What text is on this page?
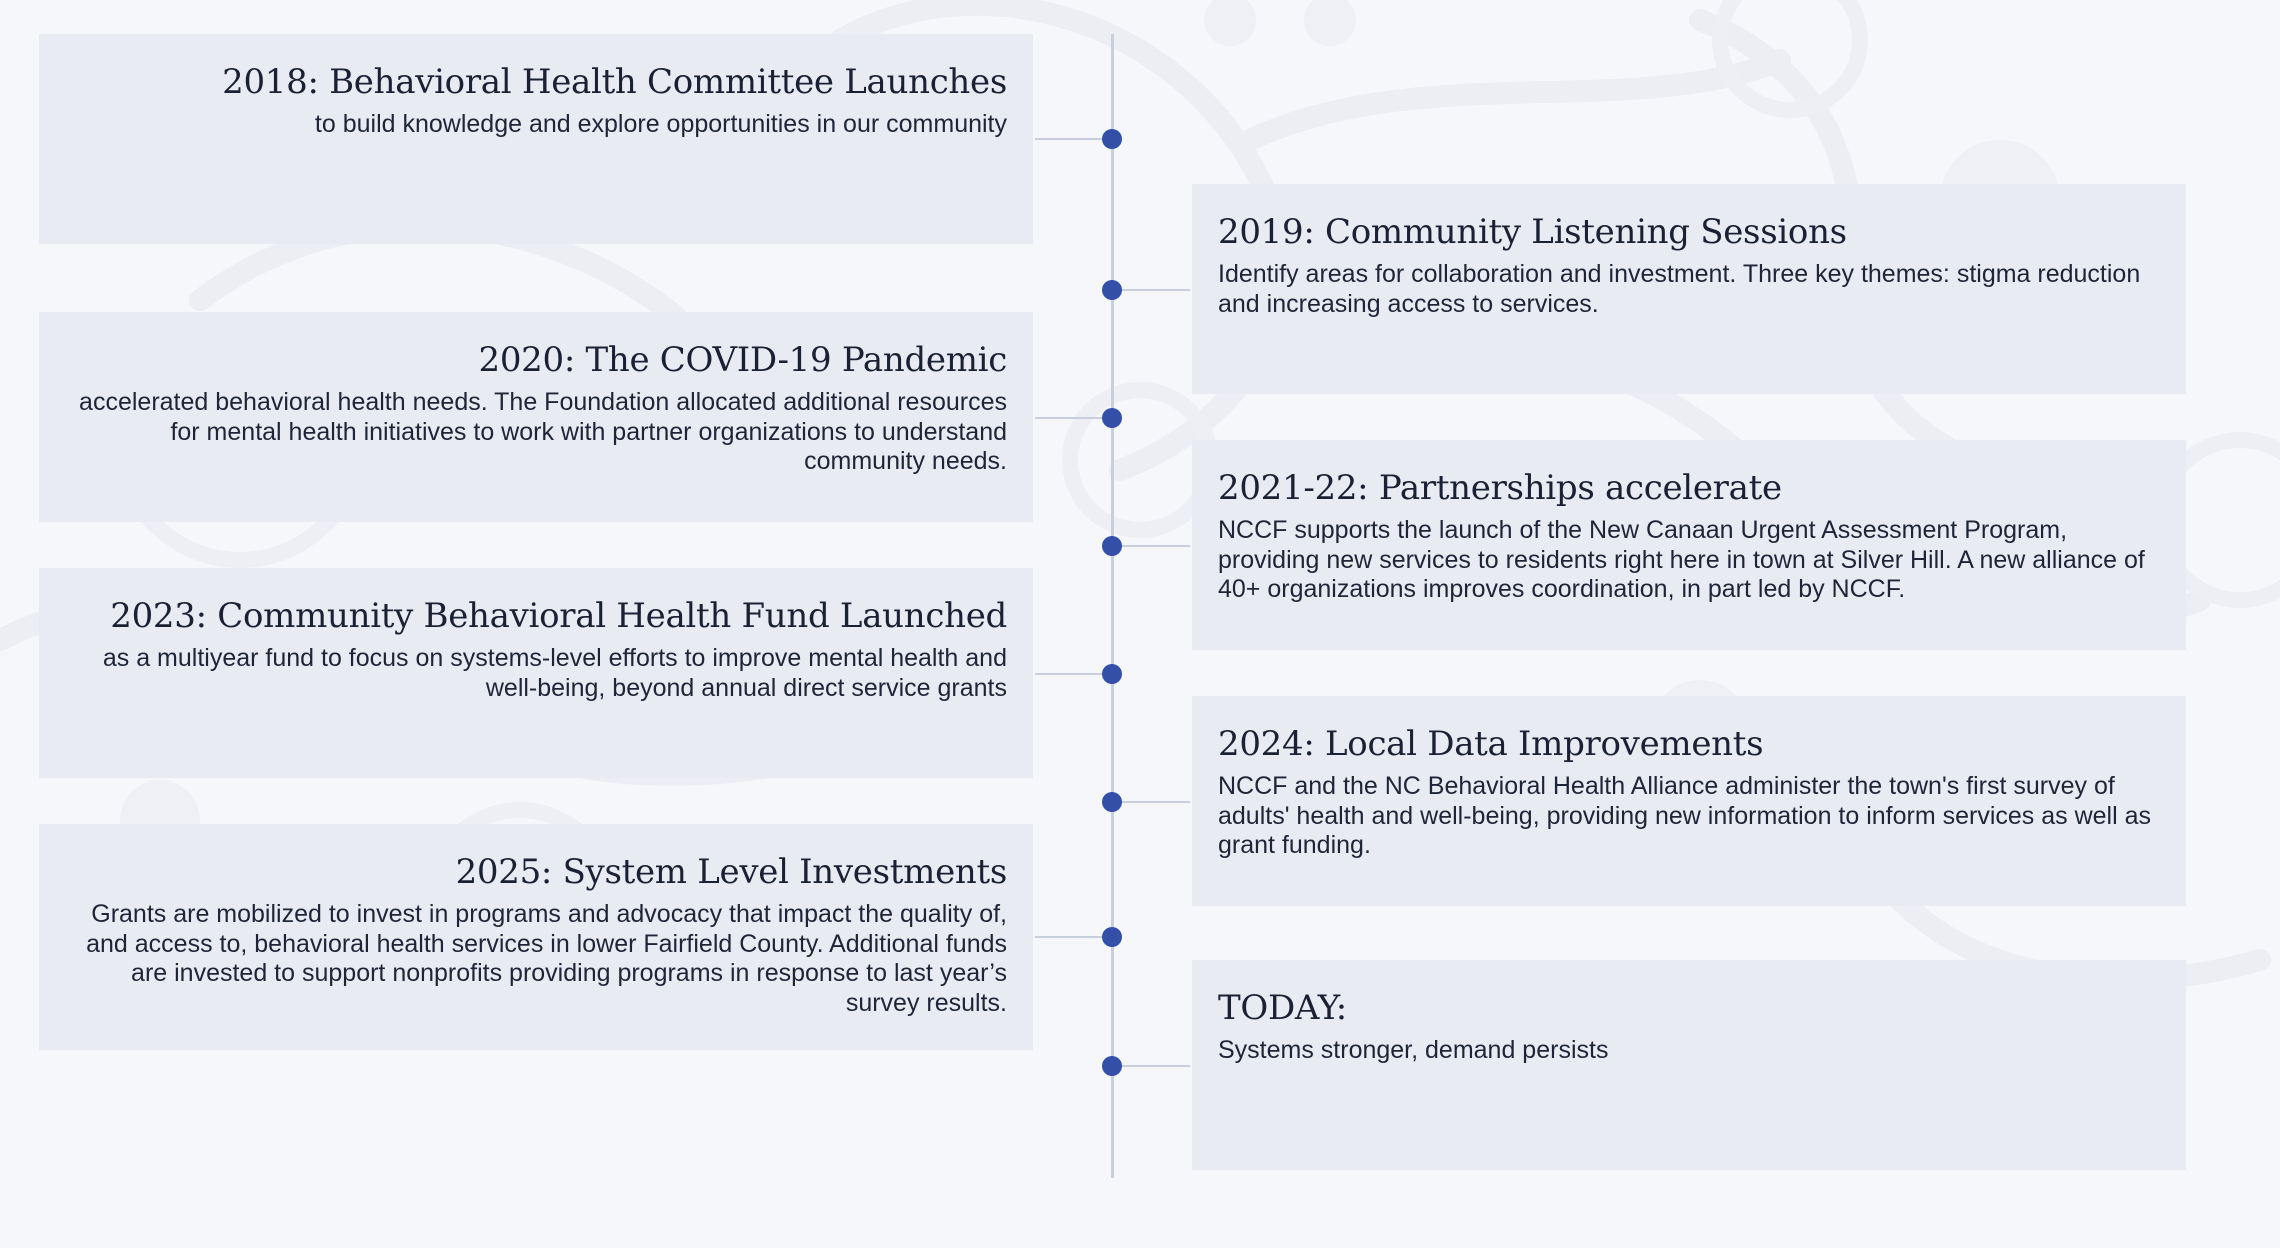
2018: Behavioral Health Committee Launches

to build knowledge and explore opportunities in our community

2019: Community Listening Sessions

Identify areas for collaboration and investment. Three key themes: stigma reduction and increasing access to services.

2020: The COVID-19 Pandemic

accelerated behavioral health needs. The Foundation allocated additional resources for mental health initiatives to work with partner organizations to understand community needs.

2021-22: Partnerships accelerate

NCCF supports the launch of the New Canaan Urgent Assessment Program, providing new services to residents right here in town at Silver Hill. A new alliance of 40+ organizations improves coordination, in part led by NCCF.

2023: Community Behavioral Health Fund Launched

as a multiyear fund to focus on systems-level efforts to improve mental health and well-being, beyond annual direct service grants

2024: Local Data Improvements

NCCF and the NC Behavioral Health Alliance administer the town's first survey of adults' health and well-being, providing new information to inform services as well as grant funding.

2025: System Level Investments

Grants are mobilized to invest in programs and advocacy that impact the quality of, and access to, behavioral health services in lower Fairfield County. Additional funds are invested to support nonprofits providing programs in response to last year’s survey results.	TODAY:

Systems stronger, demand persists
